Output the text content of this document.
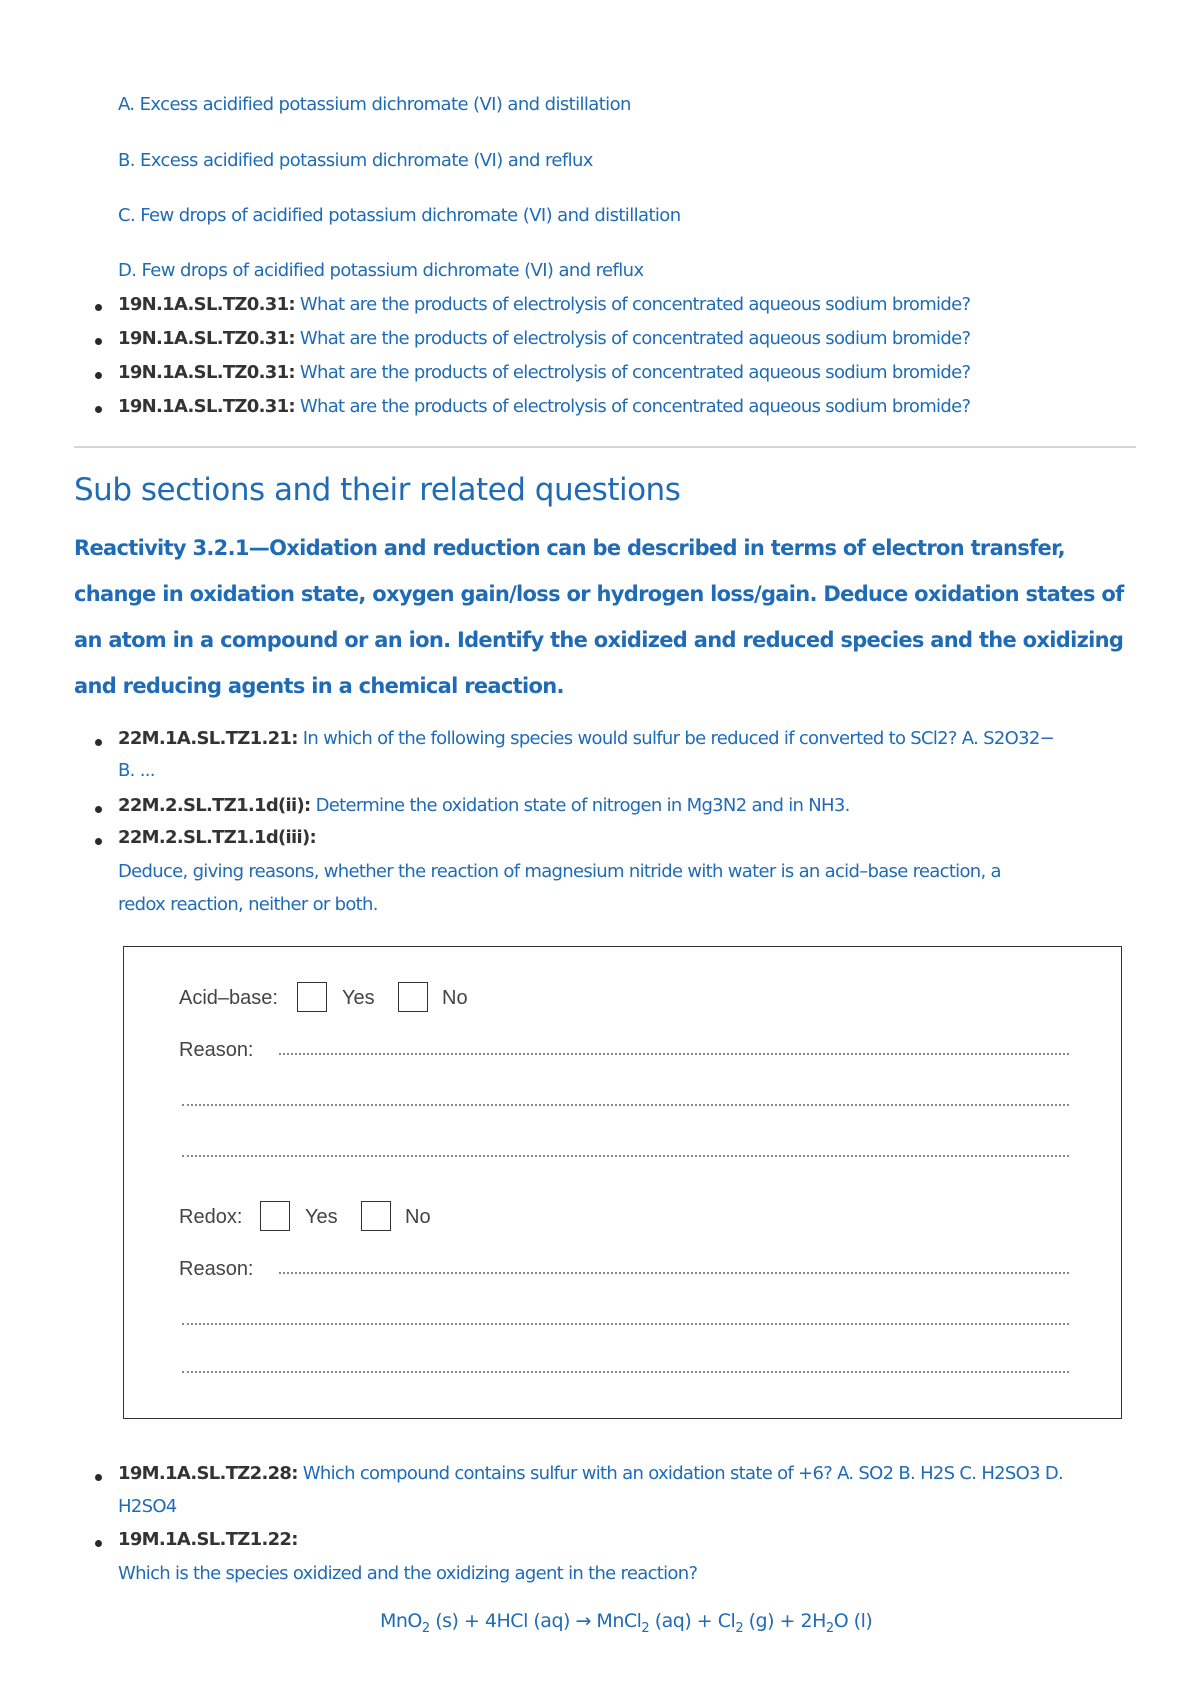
A. Excess acidified potassium dichromate (VI) and distillation
B. Excess acidified potassium dichromate (VI) and reflux
C. Few drops of acidified potassium dichromate (VI) and distillation
D. Few drops of acidified potassium dichromate (VI) and reflux
19N.1A.SL.TZ0.31: What are the products of electrolysis of concentrated aqueous sodium bromide?
19N.1A.SL.TZ0.31: What are the products of electrolysis of concentrated aqueous sodium bromide?
19N.1A.SL.TZ0.31: What are the products of electrolysis of concentrated aqueous sodium bromide?
19N.1A.SL.TZ0.31: What are the products of electrolysis of concentrated aqueous sodium bromide?
Sub sections and their related questions
Reactivity 3.2.1—Oxidation and reduction can be described in terms of electron transfer, change in oxidation state, oxygen gain/loss or hydrogen loss/gain. Deduce oxidation states of an atom in a compound or an ion. Identify the oxidized and reduced species and the oxidizing and reducing agents in a chemical reaction.
22M.1A.SL.TZ1.21: In which of the following species would sulfur be reduced if converted to SCl2? A. S2O32−
B. ...
22M.2.SL.TZ1.1d(ii): Determine the oxidation state of nitrogen in Mg3N2 and in NH3.
22M.2.SL.TZ1.1d(iii):
Deduce, giving reasons, whether the reaction of magnesium nitride with water is an acid–base reaction, a
redox reaction, neither or both.
Acid–base:	Yes	No
Reason:
Redox:	Yes	No
Reason:
19M.1A.SL.TZ2.28: Which compound contains sulfur with an oxidation state of +6? A. SO2 B. H2S C. H2SO3 D.
H2SO4
19M.1A.SL.TZ1.22:
Which is the species oxidized and the oxidizing agent in the reaction?
MnO$_2$ (s) + 4HCl (aq) → MnCl$_2$ $(aq) + Cl_2$ $(g) + 2H_2O$ (l)
